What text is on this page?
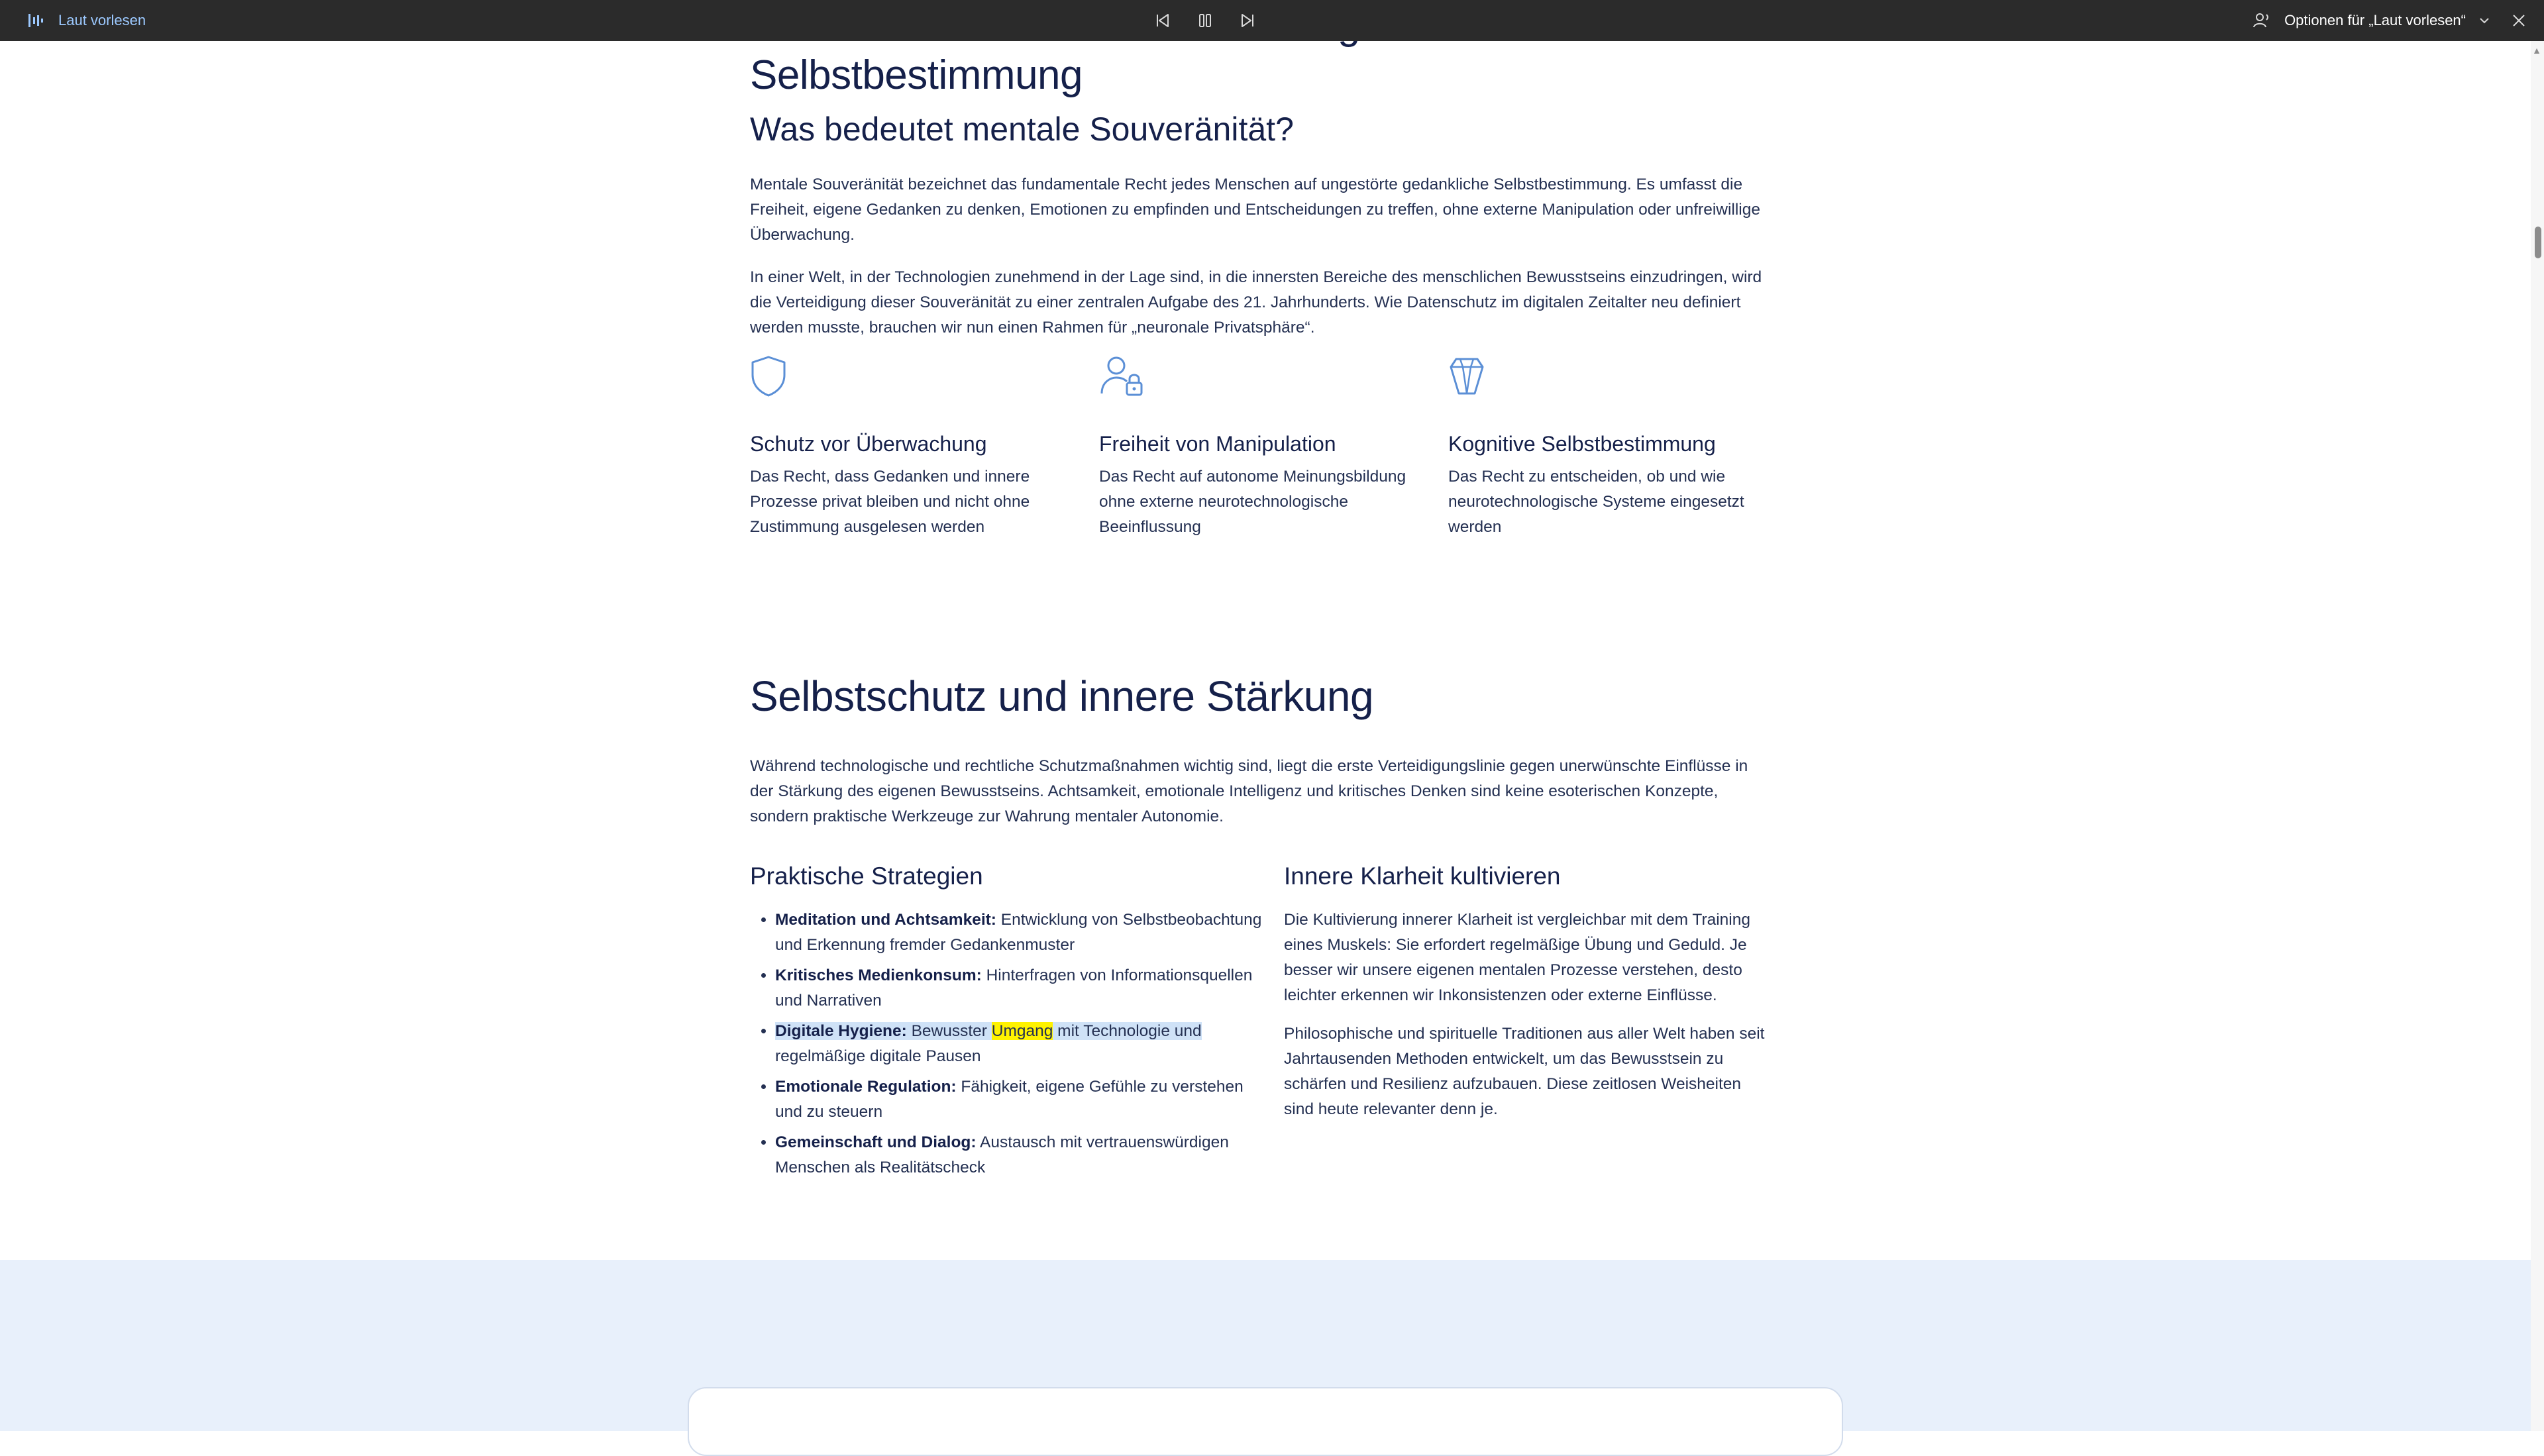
Laut vorlesen	Optionen für „Laut vorlesen“
▲

Selbstbestimmung
Was bedeutet mentale Souveränität?

Mentale Souveränität bezeichnet das fundamentale Recht jedes Menschen auf ungestörte gedankliche Selbstbestimmung. Es umfasst die Freiheit, eigene Gedanken zu denken, Emotionen zu empfinden und Entscheidungen zu treffen, ohne externe Manipulation oder unfreiwillige Überwachung.

In einer Welt, in der Technologien zunehmend in der Lage sind, in die innersten Bereiche des menschlichen Bewusstseins einzudringen, wird die Verteidigung dieser Souveränität zu einer zentralen Aufgabe des 21. Jahrhunderts. Wie Datenschutz im digitalen Zeitalter neu definiert werden musste, brauchen wir nun einen Rahmen für „neuronale Privatsphäre“.

Schutz vor Überwachung

Das Recht, dass Gedanken und innere Prozesse privat bleiben und nicht ohne Zustimmung ausgelesen werden

Freiheit von Manipulation

Das Recht auf autonome Meinungsbildung ohne externe neurotechnologische Beeinflussung

Kognitive Selbstbestimmung

Das Recht zu entscheiden, ob und wie neurotechnologische Systeme eingesetzt werden

Selbstschutz und innere Stärkung

Während technologische und rechtliche Schutzmaßnahmen wichtig sind, liegt die erste Verteidigungslinie gegen unerwünschte Einflüsse in der Stärkung des eigenen Bewusstseins. Achtsamkeit, emotionale Intelligenz und kritisches Denken sind keine esoterischen Konzepte, sondern praktische Werkzeuge zur Wahrung mentaler Autonomie.

Praktische Strategien
• Meditation und Achtsamkeit: Entwicklung von Selbstbeobachtung und Erkennung fremder Gedankenmuster
• Kritisches Medienkonsum: Hinterfragen von Informationsquellen und Narrativen
• Digitale Hygiene: Bewusster Umgang mit Technologie und regelmäßige digitale Pausen
• Emotionale Regulation: Fähigkeit, eigene Gefühle zu verstehen und zu steuern
• Gemeinschaft und Dialog: Austausch mit vertrauenswürdigen Menschen als Realitätscheck
Innere Klarheit kultivieren

Die Kultivierung innerer Klarheit ist vergleichbar mit dem Training eines Muskels: Sie erfordert regelmäßige Übung und Geduld. Je besser wir unsere eigenen mentalen Prozesse verstehen, desto leichter erkennen wir Inkonsistenzen oder externe Einflüsse.

Philosophische und spirituelle Traditionen aus aller Welt haben seit Jahrtausenden Methoden entwickelt, um das Bewusstsein zu schärfen und Resilienz aufzubauen. Diese zeitlosen Weisheiten sind heute relevanter denn je.
